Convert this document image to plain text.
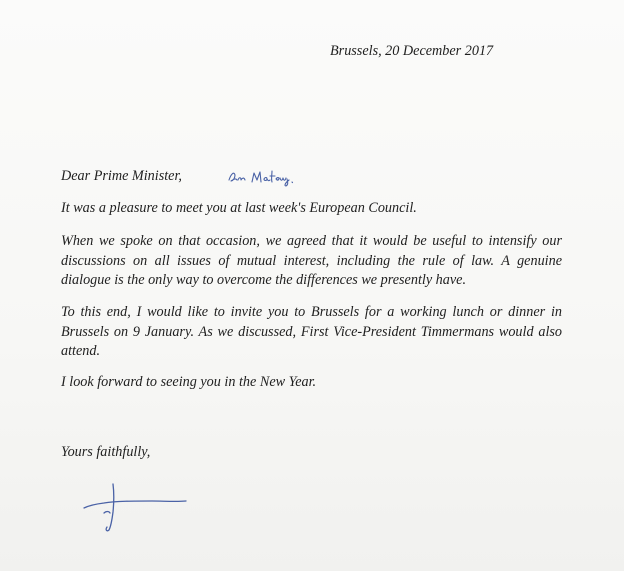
Brussels, 20 December 2017
Dear Prime Minister,

It was a pleasure to meet you at last week's European Council.

When we spoke on that occasion, we agreed that it would be useful to intensify our discussions on all issues of mutual interest, including the rule of law. A genuine dialogue is the only way to overcome the differences we presently have.

To this end, I would like to invite you to Brussels for a working lunch or dinner in Brussels on 9 January. As we discussed, First Vice-President Timmermans would also attend.

I look forward to seeing you in the New Year.

Yours faithfully,
